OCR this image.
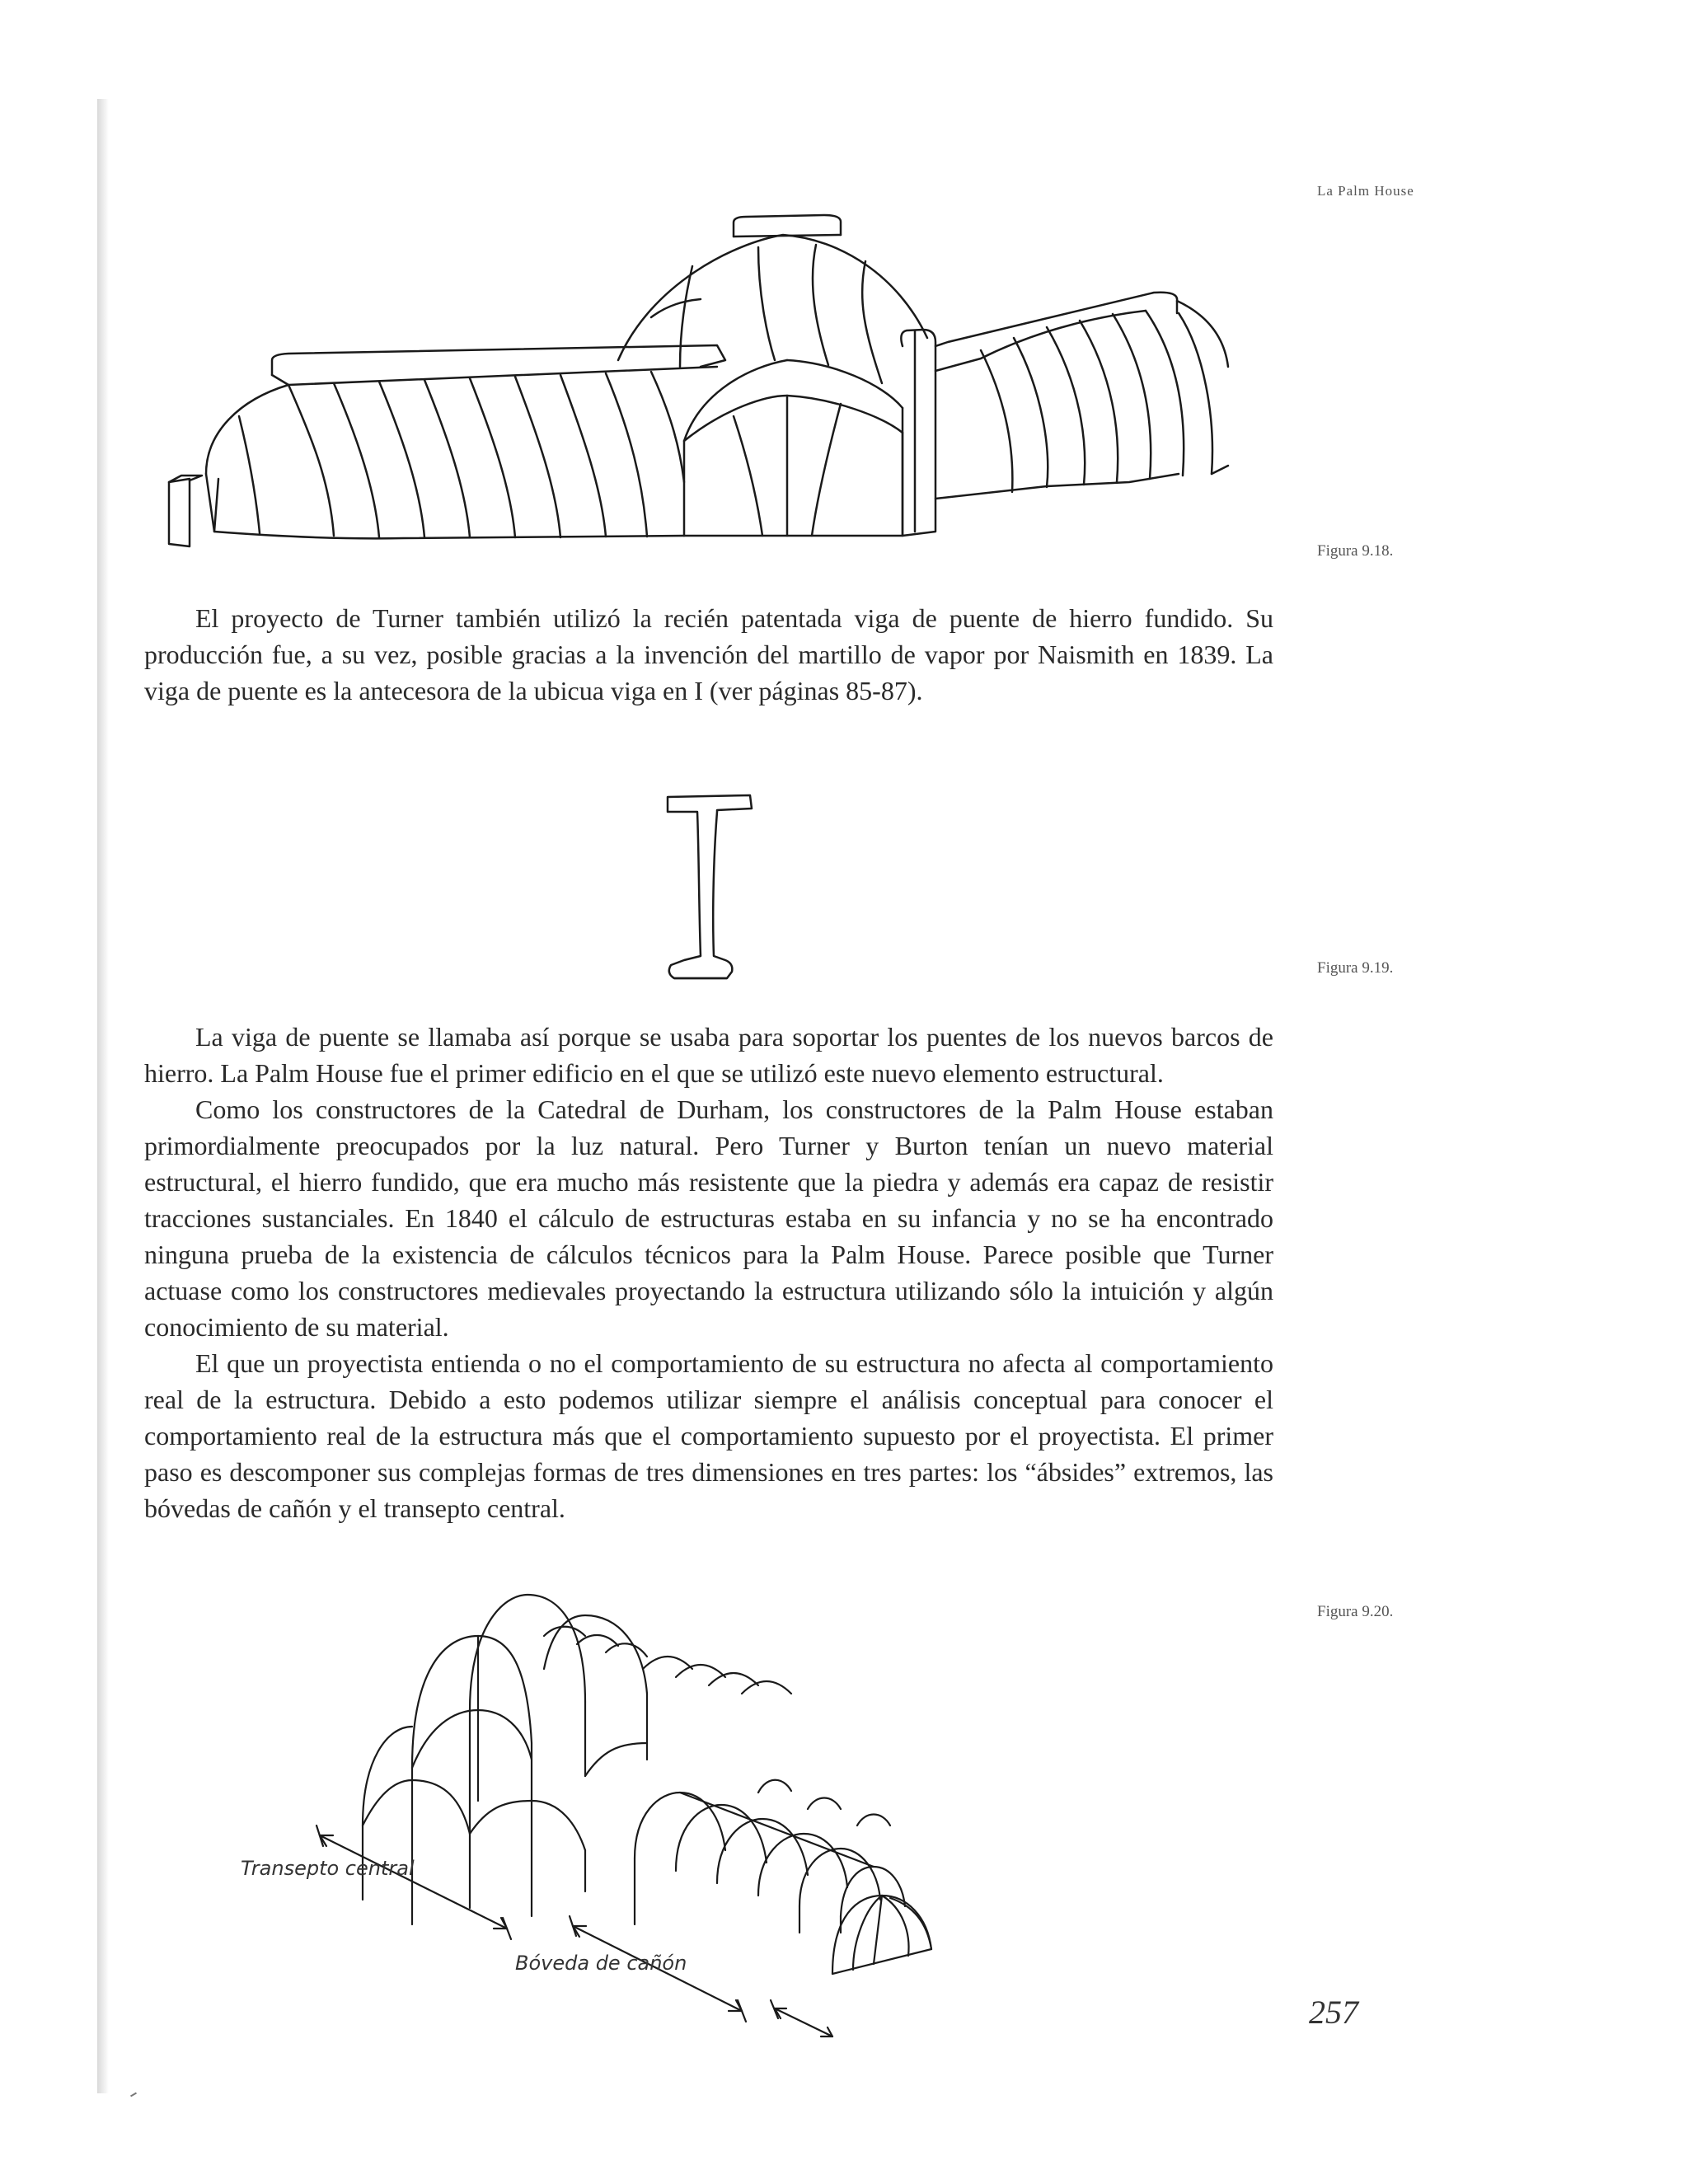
La Palm House
Figura 9.18.

El proyecto de Turner también utilizó la recién patentada viga de puente de hierro fundido. Su producción fue, a su vez, posible gracias a la invención del martillo de vapor por Naismith en 1839. La viga de puente es la antecesora de la ubicua viga en I (ver páginas 85-87).

Figura 9.19.

La viga de puente se llamaba así porque se usaba para soportar los puentes de los nuevos barcos de hierro. La Palm House fue el primer edificio en el que se utilizó este nuevo elemento estructural.

Como los constructores de la Catedral de Durham, los constructores de la Palm House estaban primordialmente preocupados por la luz natural. Pero Turner y Burton tenían un nuevo material estructural, el hierro fundido, que era mucho más resistente que la piedra y además era capaz de resistir tracciones sustanciales. En 1840 el cálculo de estructuras estaba en su infancia y no se ha encontrado ninguna prueba de la existencia de cálculos técnicos para la Palm House. Parece posible que Turner actuase como los constructores medievales proyectando la estructura utilizando sólo la intuición y algún conocimiento de su material.

El que un proyectista entienda o no el comportamiento de su estructura no afecta al comportamiento real de la estructura. Debido a esto podemos utilizar siempre el análisis conceptual para conocer el comportamiento real de la estructura más que el comportamiento supuesto por el proyectista. El primer paso es descomponer sus complejas formas de tres dimensiones en tres partes: los “ábsides” extremos, las bóvedas de cañón y el transepto central.

Transepto central
Bóveda de cañón
Figura 9.20.
257
